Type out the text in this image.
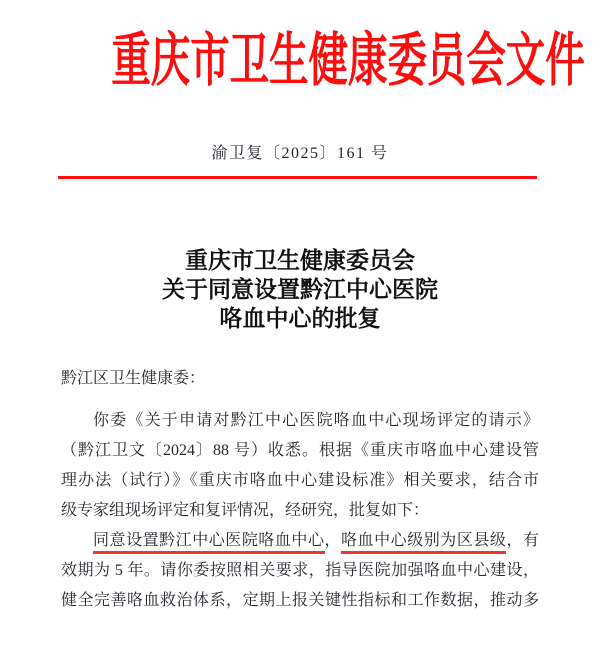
重庆市卫生健康委员会文件
渝卫复〔2025〕161 号
重庆市卫生健康委员会
关于同意设置黔江中心医院
咯血中心的批复
黔江区卫生健康委：
你委《关于申请对黔江中心医院咯血中心现场评定的请示》
（黔江卫文〔2024〕88 号）收悉。根据《重庆市咯血中心建设管
理办法（试行）》《重庆市咯血中心建设标准》相关要求，结合市
级专家组现场评定和复评情况，经研究，批复如下：
同意设置黔江中心医院咯血中心，咯血中心级别为区县级，有
效期为 5 年。请你委按照相关要求，指导医院加强咯血中心建设，
健全完善咯血救治体系，定期上报关键性指标和工作数据，推动多
